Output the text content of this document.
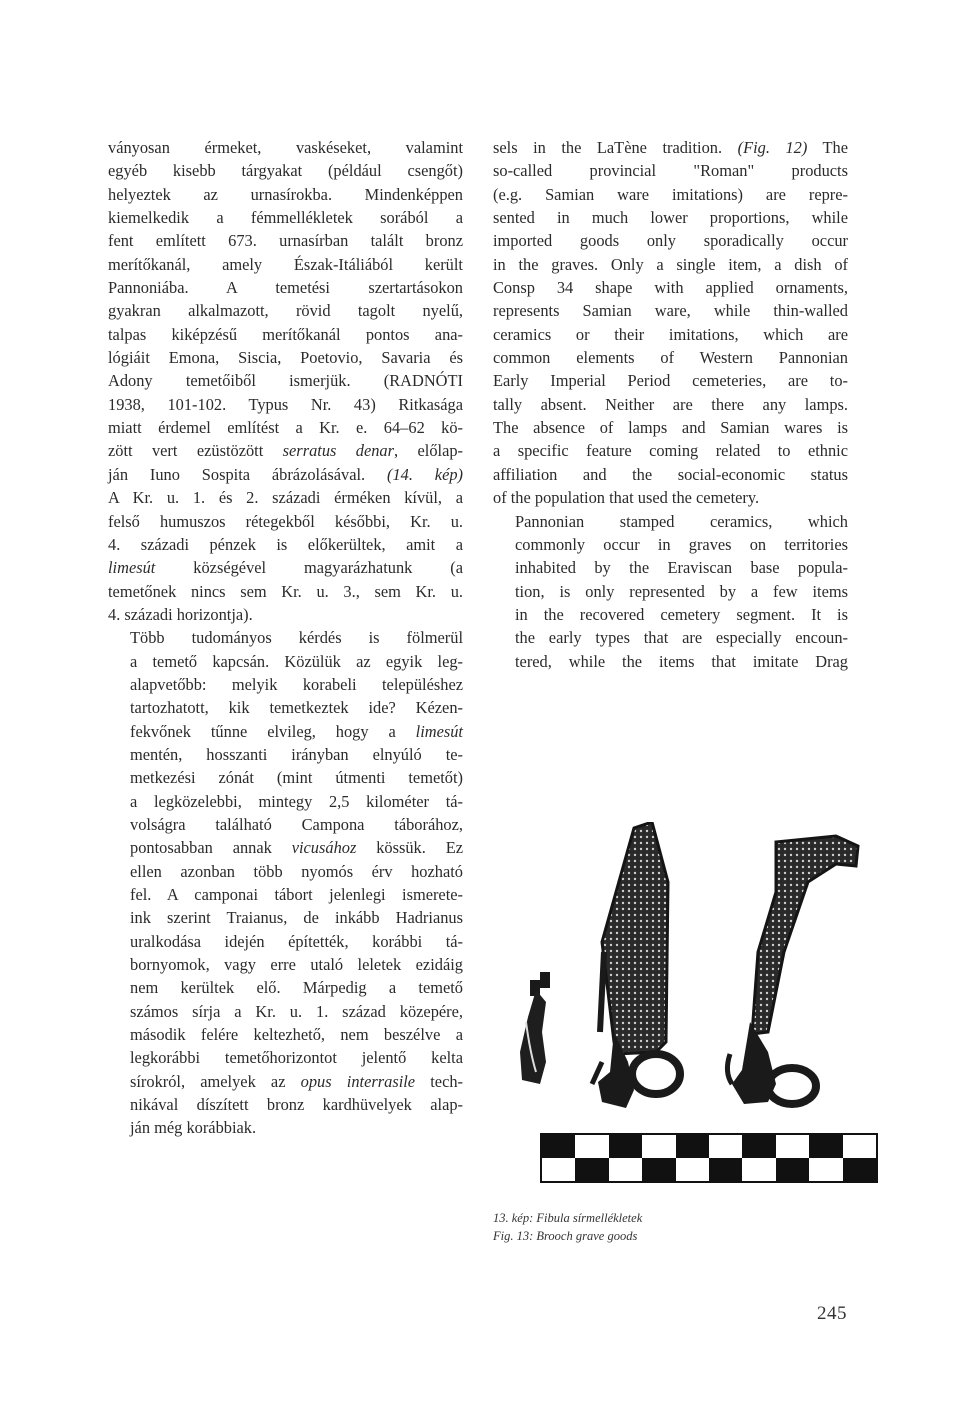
ványosan érmeket, vaskéseket, valamint
egyéb kisebb tárgyakat (például csengőt)
helyeztek az urnasírokba. Mindenképpen
kiemelkedik a fémmellékletek sorából a
fent említett 673. urnasírban talált bronz
merítőkanál, amely Észak-Itáliából került
Pannoniába. A temetési szertartásokon
gyakran alkalmazott, rövid tagolt nyelű,
talpas kiképzésű merítőkanál pontos ana-
lógiáit Emona, Siscia, Poetovio, Savaria és
Adony temetőiből ismerjük. (RADNÓTI
1938, 101-102. Typus Nr. 43) Ritkasága
miatt érdemel említést a Kr. e. 64–62 kö-
zött vert ezüstözött serratus denar, előlap-
ján Iuno Sospita ábrázolásával. (14. kép)
A Kr. u. 1. és 2. századi érméken kívül, a
felső humuszos rétegekből későbbi, Kr. u.
4. századi pénzek is előkerültek, amit a
limesút községével magyarázhatunk (a
temetőnek nincs sem Kr. u. 3., sem Kr. u.
4. századi horizontja).

Több tudományos kérdés is fölmerül
a temető kapcsán. Közülük az egyik leg-
alapvetőbb: melyik korabeli településhez
tartozhatott, kik temetkeztek ide? Kézen-
fekvőnek tűnne elvileg, hogy a limesút
mentén, hosszanti irányban elnyúló te-
metkezési zónát (mint útmenti temetőt)
a legközelebbi, mintegy 2,5 kilométer tá-
volságra található Campona táborához,
pontosabban annak vicusához kössük. Ez
ellen azonban több nyomós érv hozható
fel. A camponai tábort jelenlegi ismerete-
ink szerint Traianus, de inkább Hadrianus
uralkodása idején építették, korábbi tá-
bornyomok, vagy erre utaló leletek ezidáig
nem kerültek elő. Márpedig a temető
számos sírja a Kr. u. 1. század közepére,
második felére keltezhető, nem beszélve a
legkorábbi temetőhorizontot jelentő kelta
sírokról, amelyek az opus interrasile tech-
nikával díszített bronz kardhüvelyek alap-
ján még korábbiak.

sels in the LaTène tradition. (Fig. 12) The
so-called provincial "Roman" products
(e.g. Samian ware imitations) are repre-
sented in much lower proportions, while
imported goods only sporadically occur
in the graves. Only a single item, a dish of
Consp 34 shape with applied ornaments,
represents Samian ware, while thin-walled
ceramics or their imitations, which are
common elements of Western Pannonian
Early Imperial Period cemeteries, are to-
tally absent. Neither are there any lamps.
The absence of lamps and Samian wares is
a specific feature coming related to ethnic
affiliation and the social-economic status
of the population that used the cemetery.

Pannonian stamped ceramics, which
commonly occur in graves on territories
inhabited by the Eraviscan base popula-
tion, is only represented by a few items
in the recovered cemetery segment. It is
the early types that are especially encoun-
tered, while the items that imitate Drag

13. kép: Fibula sírmellékletek
Fig. 13: Brooch grave goods
245
